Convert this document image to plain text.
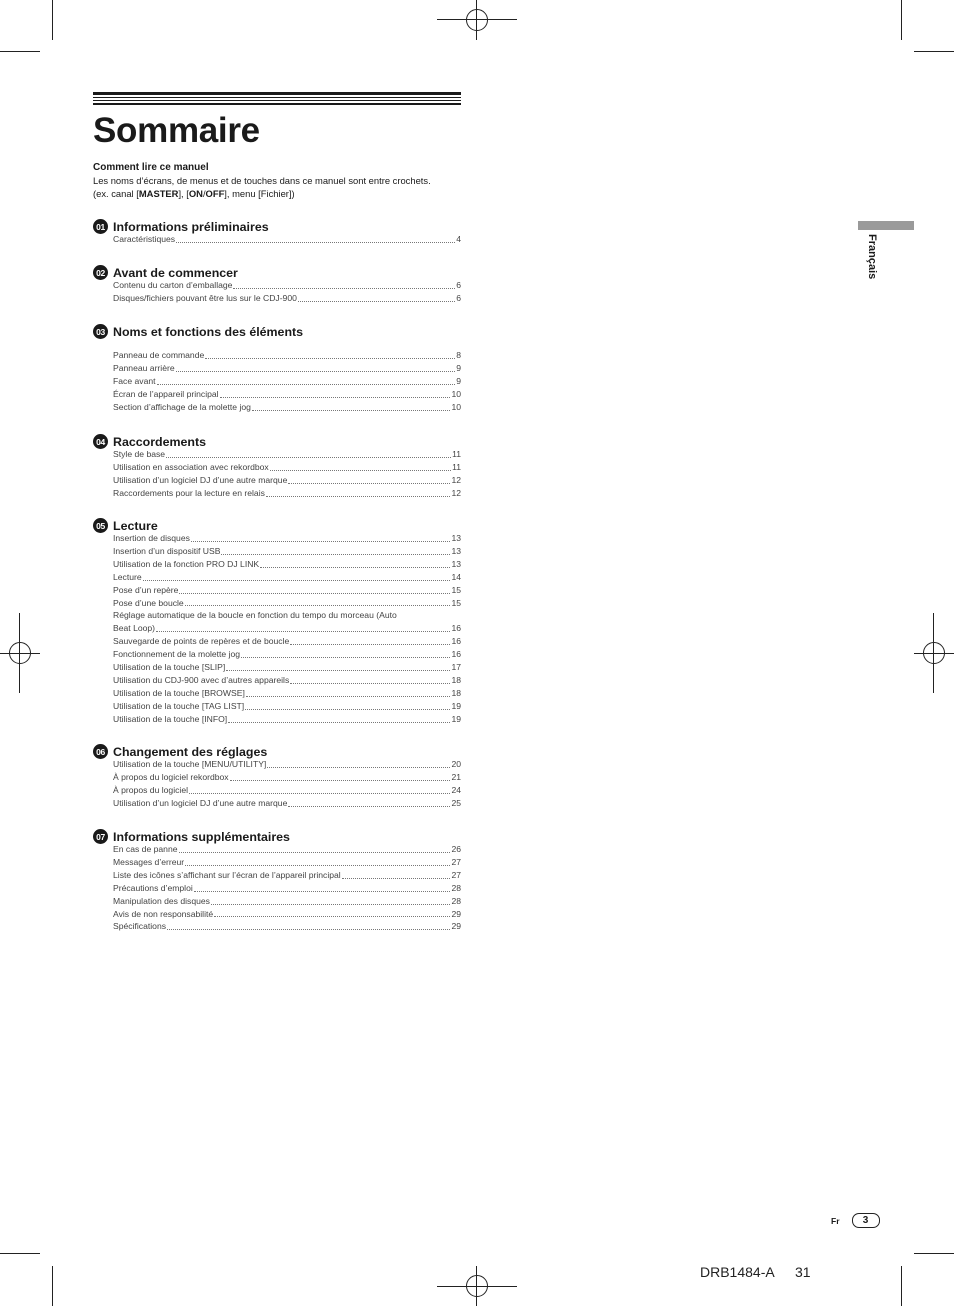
Sommaire
Comment lire ce manuel
Les noms d’écrans, de menus et de touches dans ce manuel sont entre crochets.
(ex. canal [MASTER], [ON/OFF], menu [Fichier])
01 Informations préliminaires
Caractéristiques	4
02 Avant de commencer
Contenu du carton d’emballage	6
Disques/fichiers pouvant être lus sur le CDJ-900	6
03 Noms et fonctions des éléments
Panneau de commande	8
Panneau arrière	9
Face avant	9
Écran de l’appareil principal	10
Section d’affichage de la molette jog	10
04 Raccordements
Style de base	11
Utilisation en association avec rekordbox	11
Utilisation d’un logiciel DJ d’une autre marque	12
Raccordements pour la lecture en relais	12
05 Lecture
Insertion de disques	13
Insertion d’un dispositif USB	13
Utilisation de la fonction PRO DJ LINK	13
Lecture	14
Pose d’un repère	15
Pose d’une boucle	15
Réglage automatique de la boucle en fonction du tempo du morceau (Auto
Beat Loop)	16
Sauvegarde de points de repères et de boucle	16
Fonctionnement de la molette jog	16
Utilisation de la touche [SLIP]	17
Utilisation du CDJ-900 avec d’autres appareils	18
Utilisation de la touche [BROWSE]	18
Utilisation de la touche [TAG LIST]	19
Utilisation de la touche [INFO]	19
06 Changement des réglages
Utilisation de la touche [MENU/UTILITY]	20
À propos du logiciel rekordbox	21
À propos du logiciel	24
Utilisation d’un logiciel DJ d’une autre marque	25
07 Informations supplémentaires
En cas de panne	26
Messages d’erreur	27
Liste des icônes s’affichant sur l’écran de l’appareil principal	27
Précautions d’emploi	28
Manipulation des disques	28
Avis de non responsabilité	29
Spécifications	29
Français
Fr	3
DRB1484-A 31
